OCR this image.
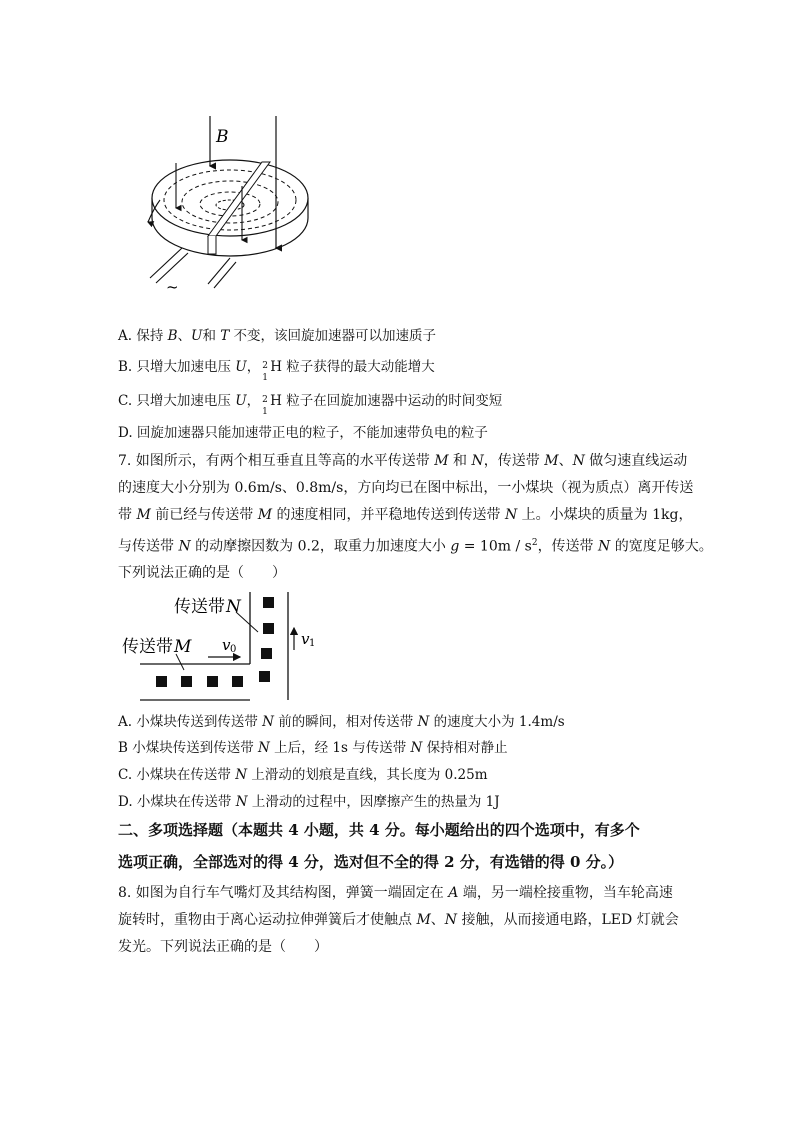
B
~
A. 保持 B、U和 T 不变，该回旋加速器可以加速质子
B. 只增大加速电压 U， 2
1
H 粒子获得的最大动能增大
C. 只增大加速电压 U， 2
1
H 粒子在回旋加速器中运动的时间变短
D. 回旋加速器只能加速带正电的粒子，不能加速带负电的粒子
7. 如图所示，有两个相互垂直且等高的水平传送带 M 和 N，传送带 M、N 做匀速直线运动
的速度大小分别为 0.6m/s、0.8m/s，方向均已在图中标出，一小煤块（视为质点）离开传送
带 M 前已经与传送带 M 的速度相同，并平稳地传送到传送带 N 上。小煤块的质量为 1kg，
与传送带 N 的动摩擦因数为 0.2，取重力加速度大小 $g = 10m / s^2$，传送带 N 的宽度足够大。
下列说法正确的是（　　）
传送带 N
传送带 M v 0
v 1
A. 小煤块传送到传送带 N 前的瞬间，相对传送带 N 的速度大小为 1.4m/s
B 小煤块传送到传送带 N 上后，经 1s 与传送带 N 保持相对静止
C. 小煤块在传送带 N 上滑动的划痕是直线，其长度为 0.25m
D. 小煤块在传送带 N 上滑动的过程中，因摩擦产生的热量为 1J
二、多项选择题（本题共 4 小题，共 4 分。每小题给出的四个选项中，有多个
选项正确，全部选对的得 4 分，选对但不全的得 2 分，有选错的得 0 分。）
8. 如图为自行车气嘴灯及其结构图，弹簧一端固定在 A 端，另一端栓接重物，当车轮高速
旋转时，重物由于离心运动拉伸弹簧后才使触点 M、N 接触，从而接通电路，LED 灯就会
发光。下列说法正确的是（　　）
